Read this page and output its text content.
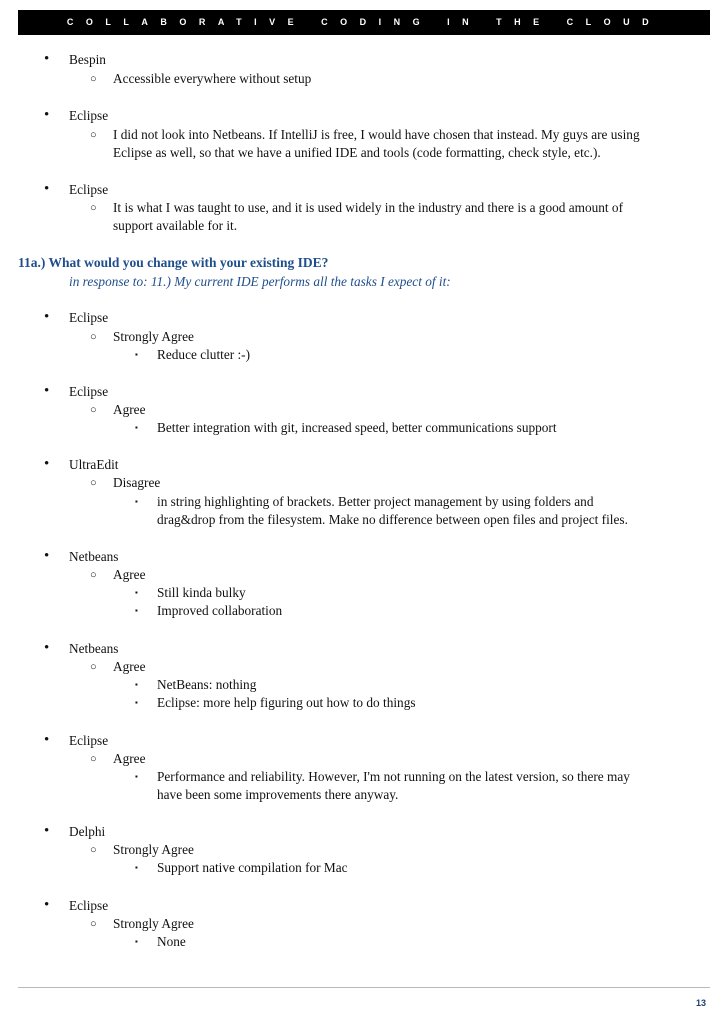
COLLABORATIVE CODING IN THE CLOUD
• Bespin
○ Accessible everywhere without setup
• Eclipse
○ I did not look into Netbeans. If IntelliJ is free, I would have chosen that instead. My guys are using
Eclipse as well, so that we have a unified IDE and tools (code formatting, check style, etc.).
• Eclipse
○ It is what I was taught to use, and it is used widely in the industry and there is a good amount of
support available for it.
11a.) What would you change with your existing IDE?
in response to: 11.) My current IDE performs all the tasks I expect of it:
• Eclipse
○ Strongly Agree
▪ Reduce clutter :-)
• Eclipse
○ Agree
▪ Better integration with git, increased speed, better communications support
• UltraEdit
○ Disagree
▪ in string highlighting of brackets. Better project management by using folders and
drag&drop from the filesystem. Make no difference between open files and project files.
• Netbeans
○ Agree
▪ Still kinda bulky
▪ Improved collaboration
• Netbeans
○ Agree
▪ NetBeans: nothing
▪ Eclipse: more help figuring out how to do things
• Eclipse
○ Agree
▪ Performance and reliability. However, I'm not running on the latest version, so there may
have been some improvements there anyway.
• Delphi
○ Strongly Agree
▪ Support native compilation for Mac
• Eclipse
○ Strongly Agree
▪ None
13
